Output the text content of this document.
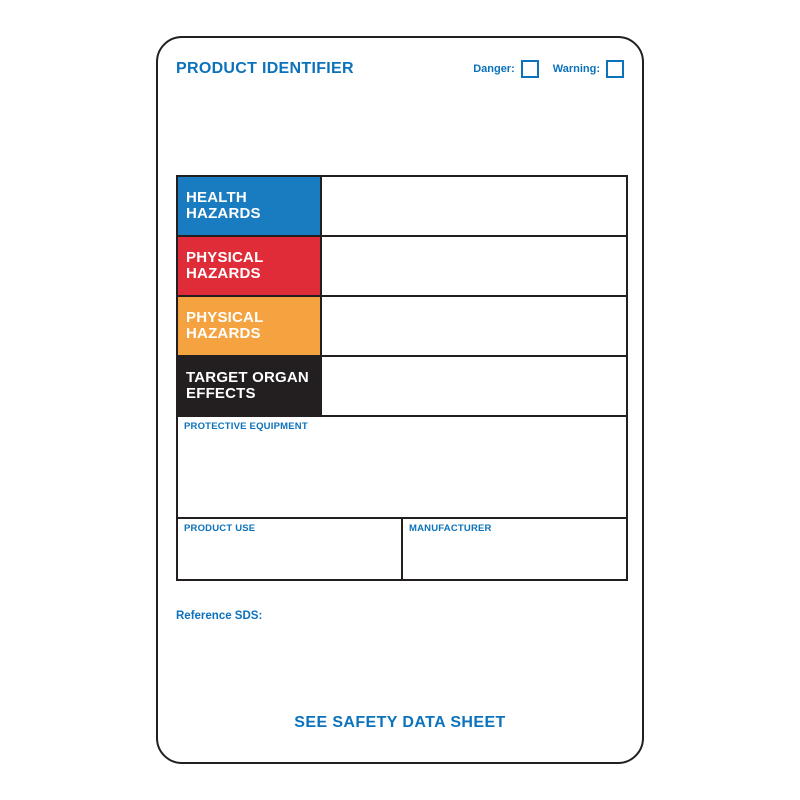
PRODUCT IDENTIFIER	Danger:	Warning:
HEALTH
HAZARDS
PHYSICAL
HAZARDS
PHYSICAL
HAZARDS
TARGET ORGAN
EFFECTS
PROTECTIVE EQUIPMENT
PRODUCT USE	MANUFACTURER
Reference SDS:
SEE SAFETY DATA SHEET
